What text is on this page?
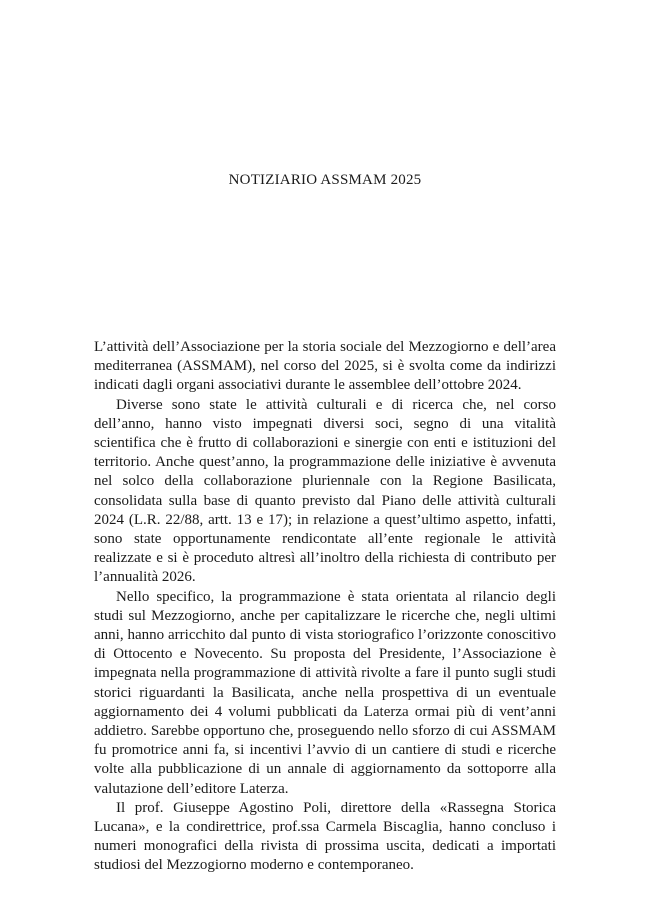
NOTIZIARIO ASSMAM 2025

L’attività dell’Associazione per la storia sociale del Mezzogiorno e dell’area mediterranea (ASSMAM), nel corso del 2025, si è svolta come da indirizzi indicati dagli organi associativi durante le assemblee dell’ottobre 2024.

Diverse sono state le attività culturali e di ricerca che, nel corso dell’anno, hanno visto impegnati diversi soci, segno di una vitalità scientifica che è frutto di collaborazioni e sinergie con enti e istituzioni del territorio. Anche quest’anno, la programmazione delle iniziative è avvenuta nel solco della collaborazione pluriennale con la Regione Basilicata, consolidata sulla base di quanto previsto dal Piano delle attività culturali 2024 (L.R. 22/88, artt. 13 e 17); in relazione a quest’ultimo aspetto, infatti, sono state opportunamente rendicontate all’ente regionale le attività realizzate e si è proceduto altresì all’inoltro della richiesta di contributo per l’annualità 2026.

Nello specifico, la programmazione è stata orientata al rilancio degli studi sul Mezzogiorno, anche per capitalizzare le ricerche che, negli ultimi anni, hanno arricchito dal punto di vista storiografico l’orizzonte conoscitivo di Ottocento e Novecento. Su proposta del Presidente, l’Associazione è impegnata nella programmazione di attività rivolte a fare il punto sugli studi storici riguardanti la Basilicata, anche nella prospettiva di un eventuale aggiornamento dei 4 volumi pubblicati da Laterza ormai più di vent’anni addietro. Sarebbe opportuno che, proseguendo nello sforzo di cui ASSMAM fu promotrice anni fa, si incentivi l’avvio di un cantiere di studi e ricerche volte alla pubblicazione di un annale di aggiornamento da sottoporre alla valutazione dell’editore Laterza.

Il prof. Giuseppe Agostino Poli, direttore della «Rassegna Storica Lucana», e la condirettrice, prof.ssa Carmela Biscaglia, hanno concluso i numeri monografici della rivista di prossima uscita, dedicati a importati studiosi del Mezzogiorno moderno e contemporaneo.
